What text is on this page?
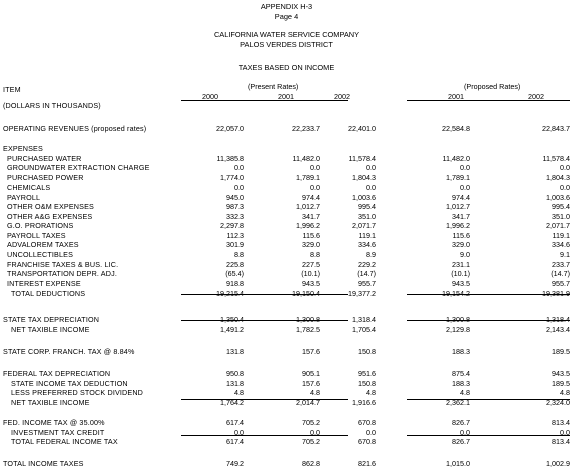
APPENDIX H-3
Page 4
CALIFORNIA WATER SERVICE COMPANY
PALOS VERDES DISTRICT
TAXES BASED ON INCOME
ITEM
(DOLLARS IN THOUSANDS)
(Present Rates)	(Proposed Rates)
2000	2001	2002	2001	2002
OPERATING REVENUES (proposed rates)	22,057.0	22,233.7	22,401.0	22,584.8	22,843.7
EXPENSES
PURCHASED WATER	11,385.8	11,482.0	11,578.4	11,482.0	11,578.4
GROUNDWATER EXTRACTION CHARGE	0.0	0.0	0.0	0.0	0.0
PURCHASED POWER	1,774.0	1,789.1	1,804.3	1,789.1	1,804.3
CHEMICALS	0.0	0.0	0.0	0.0	0.0
PAYROLL	945.0	974.4	1,003.6	974.4	1,003.6
OTHER O&M EXPENSES	987.3	1,012.7	995.4	1,012.7	995.4
OTHER A&G EXPENSES	332.3	341.7	351.0	341.7	351.0
G.O. PRORATIONS	2,297.8	1,996.2	2,071.7	1,996.2	2,071.7
PAYROLL TAXES	112.3	115.6	119.1	115.6	119.1
ADVALOREM TAXES	301.9	329.0	334.6	329.0	334.6
UNCOLLECTIBLES	8.8	8.8	8.9	9.0	9.1
FRANCHISE TAXES & BUS. LIC.	225.8	227.5	229.2	231.1	233.7
TRANSPORTATION DEPR. ADJ.	(65.4)	(10.1)	(14.7)	(10.1)	(14.7)
INTEREST EXPENSE	918.8	943.5	955.7	943.5	955.7
TOTAL DEDUCTIONS	19,215.4	19,150.4	19,377.2	19,154.2	19,381.9
STATE TAX DEPRECIATION	1,350.4	1,300.8	1,318.4	1,300.8	1,318.4
NET TAXIBLE INCOME	1,491.2	1,782.5	1,705.4	2,129.8	2,143.4
STATE CORP. FRANCH. TAX @ 8.84%	131.8	157.6	150.8	188.3	189.5
FEDERAL TAX DEPRECIATION	950.8	905.1	951.6	875.4	943.5
STATE INCOME TAX DEDUCTION	131.8	157.6	150.8	188.3	189.5
LESS PREFERRED STOCK DIVIDEND	4.8	4.8	4.8	4.8	4.8
NET TAXIBLE INCOME	1,764.2	2,014.7	1,916.6	2,362.1	2,324.0
FED. INCOME TAX @ 35.00%	617.4	705.2	670.8	826.7	813.4
INVESTMENT TAX CREDIT	0.0	0.0	0.0	0.0	0.0
TOTAL FEDERAL INCOME TAX	617.4	705.2	670.8	826.7	813.4
TOTAL INCOME TAXES	749.2	862.8	821.6	1,015.0	1,002.9
